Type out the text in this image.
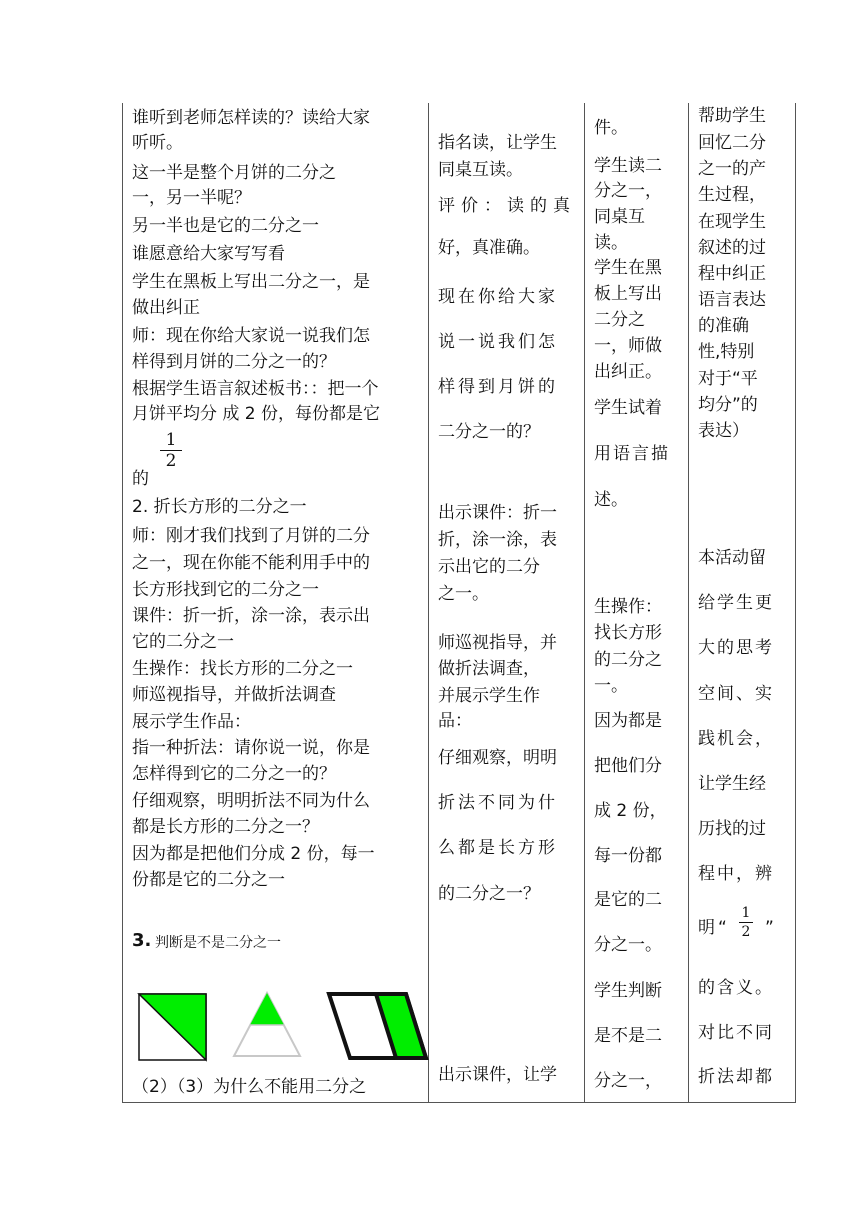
谁听到老师怎样读的？读给大家
听听。
这一半是整个月饼的二分之
一，另一半呢？
另一半也是它的二分之一
谁愿意给大家写写看
学生在黑板上写出二分之一，是
做出纠正
师：现在你给大家说一说我们怎
样得到月饼的二分之一的？
根据学生语言叙述板书：：把一个
月饼平均分 成 2 份，每份都是它
1
2
的
2. 折长方形的二分之一
师：刚才我们找到了月饼的二分
之一，现在你能不能利用手中的
长方形找到它的二分之一
课件：折一折，涂一涂，表示出
它的二分之一
生操作：找长方形的二分之一
师巡视指导，并做折法调查
展示学生作品：
指一种折法：请你说一说，你是
怎样得到它的二分之一的？
仔细观察，明明折法不同为什么
都是长方形的二分之一？
因为都是把他们分成 2 份，每一
份都是它的二分之一
3. 判断是不是二分之一
（2）（3）为什么不能用二分之
指名读，让学生
同桌互读。
评价：读的真
好，真准确。
现在你给大家
说一说我们怎
样得到月饼的
二分之一的？
出示课件：折一
折，涂一涂，表
示出它的二分
之一。
师巡视指导，并
做折法调查，
并展示学生作
品：
仔细观察，明明
折法不同为什
么都是长方形
的二分之一？
出示课件，让学
件。
学生读二
分之一，
同桌互
读。
学生在黑
板上写出
二分之
一，师做
出纠正。
学生试着
用语言描
述。
生操作：
找长方形
的二分之
一。
因为都是
把他们分
成 2 份，
每一份都
是它的二
分之一。
学生判断
是不是二
分之一，
帮助学生
回忆二分
之一的产
生过程，
在现学生
叙述的过
程中纠正
语言表达
的准确
性,特别
对于“平
均分”的
表达）
本活动留
给学生更
大的思考
空间、实
践机会，
让学生经
历找的过
程中，辨
明“
1
2 ”
的含义。
对比不同
折法却都
